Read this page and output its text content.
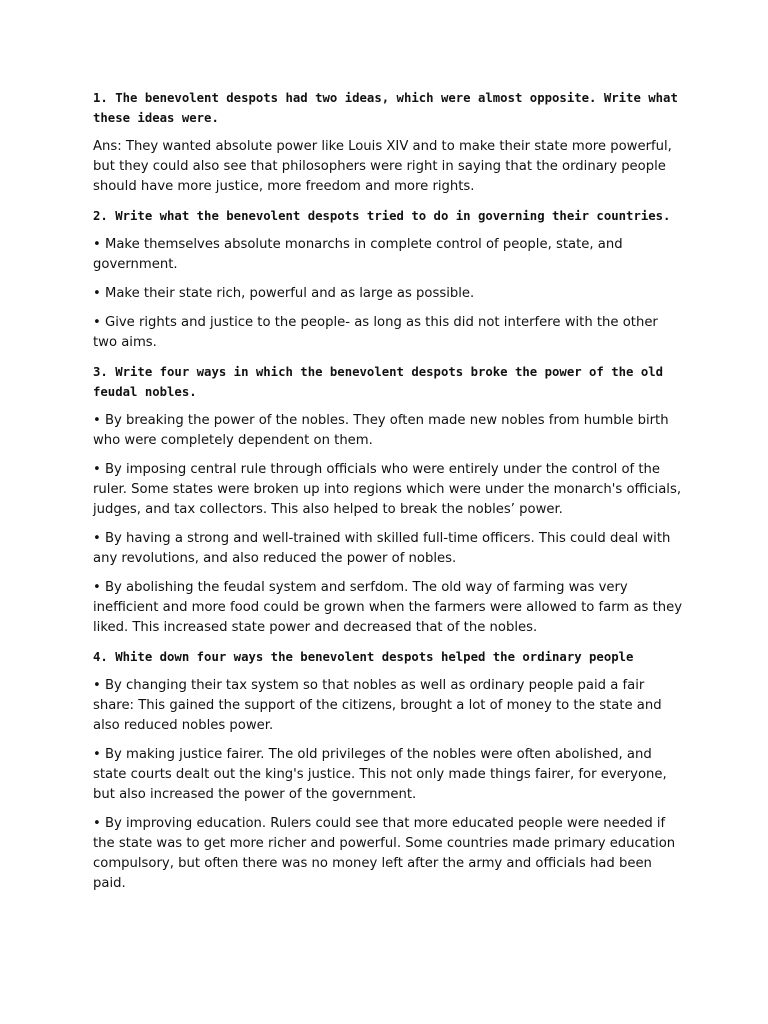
1. The benevolent despots had two ideas, which were almost opposite. Write what these ideas were.
Ans: They wanted absolute power like Louis XIV and to make their state more powerful, but they could also see that philosophers were right in saying that the ordinary people should have more justice, more freedom and more rights.
2. Write what the benevolent despots tried to do in governing their countries.
• Make themselves absolute monarchs in complete control of people, state, and government.
• Make their state rich, powerful and as large as possible.
• Give rights and justice to the people- as long as this did not interfere with the other two aims.
3. Write four ways in which the benevolent despots broke the power of the old feudal nobles.
• By breaking the power of the nobles. They often made new nobles from humble birth who were completely dependent on them.
• By imposing central rule through officials who were entirely under the control of the ruler. Some states were broken up into regions which were under the monarch's officials, judges, and tax collectors. This also helped to break the nobles’ power.
• By having a strong and well-trained with skilled full-time officers. This could deal with any revolutions, and also reduced the power of nobles.
• By abolishing the feudal system and serfdom. The old way of farming was very inefficient and more food could be grown when the farmers were allowed to farm as they liked. This increased state power and decreased that of the nobles.
4. White down four ways the benevolent despots helped the ordinary people
• By changing their tax system so that nobles as well as ordinary people paid a fair share: This gained the support of the citizens, brought a lot of money to the state and also reduced nobles power.
• By making justice fairer. The old privileges of the nobles were often abolished, and state courts dealt out the king's justice. This not only made things fairer, for everyone, but also increased the power of the government.
• By improving education. Rulers could see that more educated people were needed if the state was to get more richer and powerful. Some countries made primary education compulsory, but often there was no money left after the army and officials had been paid.
